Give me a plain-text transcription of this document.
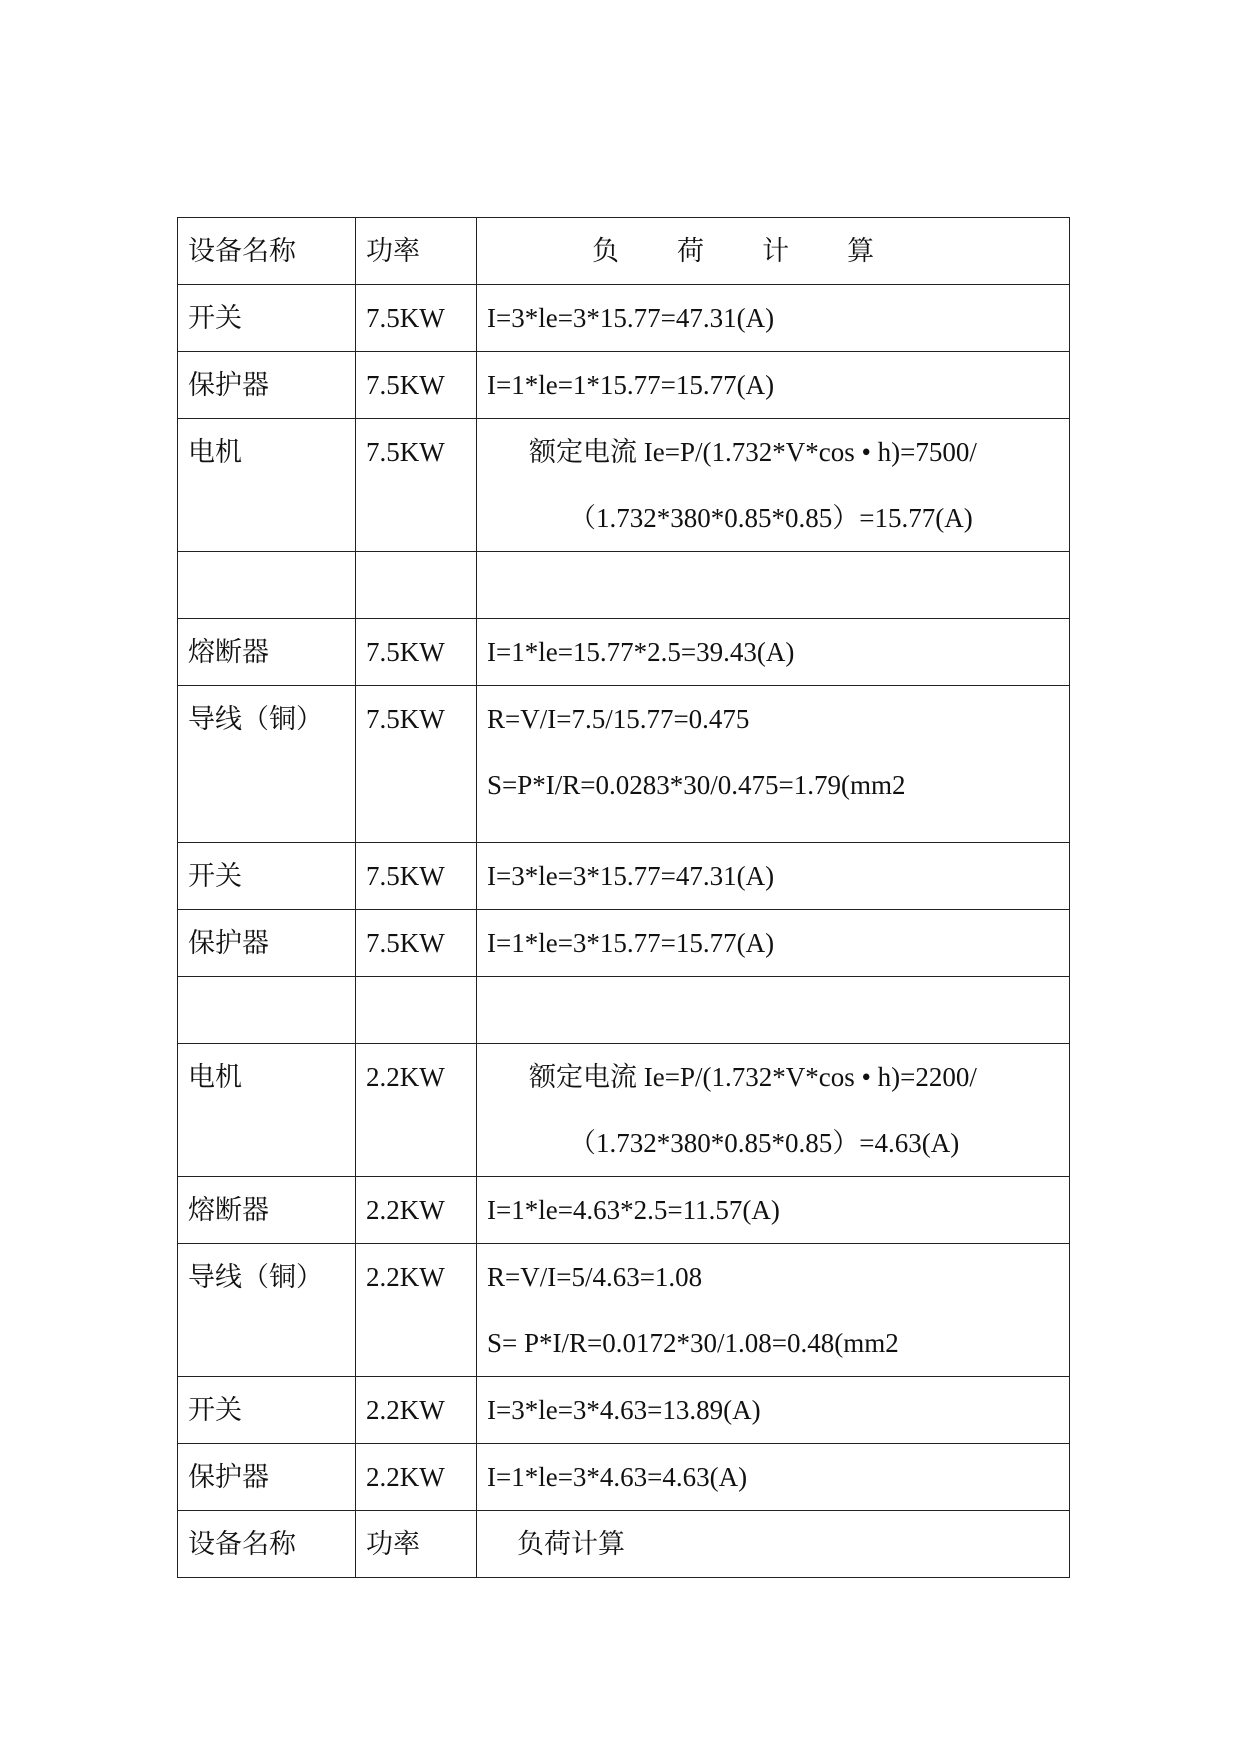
设备名称	功率	负 荷 计 算

开关	7.5KW	I=3*le=3*15.77=47.31(A)

保护器	7.5KW	I=1*le=1*15.77=15.77(A)

电机	7.5KW	额定电流 Ie=P/(1.732*V*cos • h)=7500/
（1.732*380*0.85*0.85）=15.77(A)

熔断器	7.5KW	I=1*le=15.77*2.5=39.43(A)

导线（铜）	7.5KW	R=V/I=7.5/15.77=0.475
S=P*I/R=0.0283*30/0.475=1.79(mm2

开关	7.5KW	I=3*le=3*15.77=47.31(A)

保护器	7.5KW	I=1*le=3*15.77=15.77(A)

电机	2.2KW	额定电流 Ie=P/(1.732*V*cos • h)=2200/
（1.732*380*0.85*0.85）=4.63(A)

熔断器	2.2KW	I=1*le=4.63*2.5=11.57(A)

导线（铜）	2.2KW	R=V/I=5/4.63=1.08
S= P*I/R=0.0172*30/1.08=0.48(mm2

开关	2.2KW	I=3*le=3*4.63=13.89(A)

保护器	2.2KW	I=1*le=3*4.63=4.63(A)

设备名称	功率	负荷计算
